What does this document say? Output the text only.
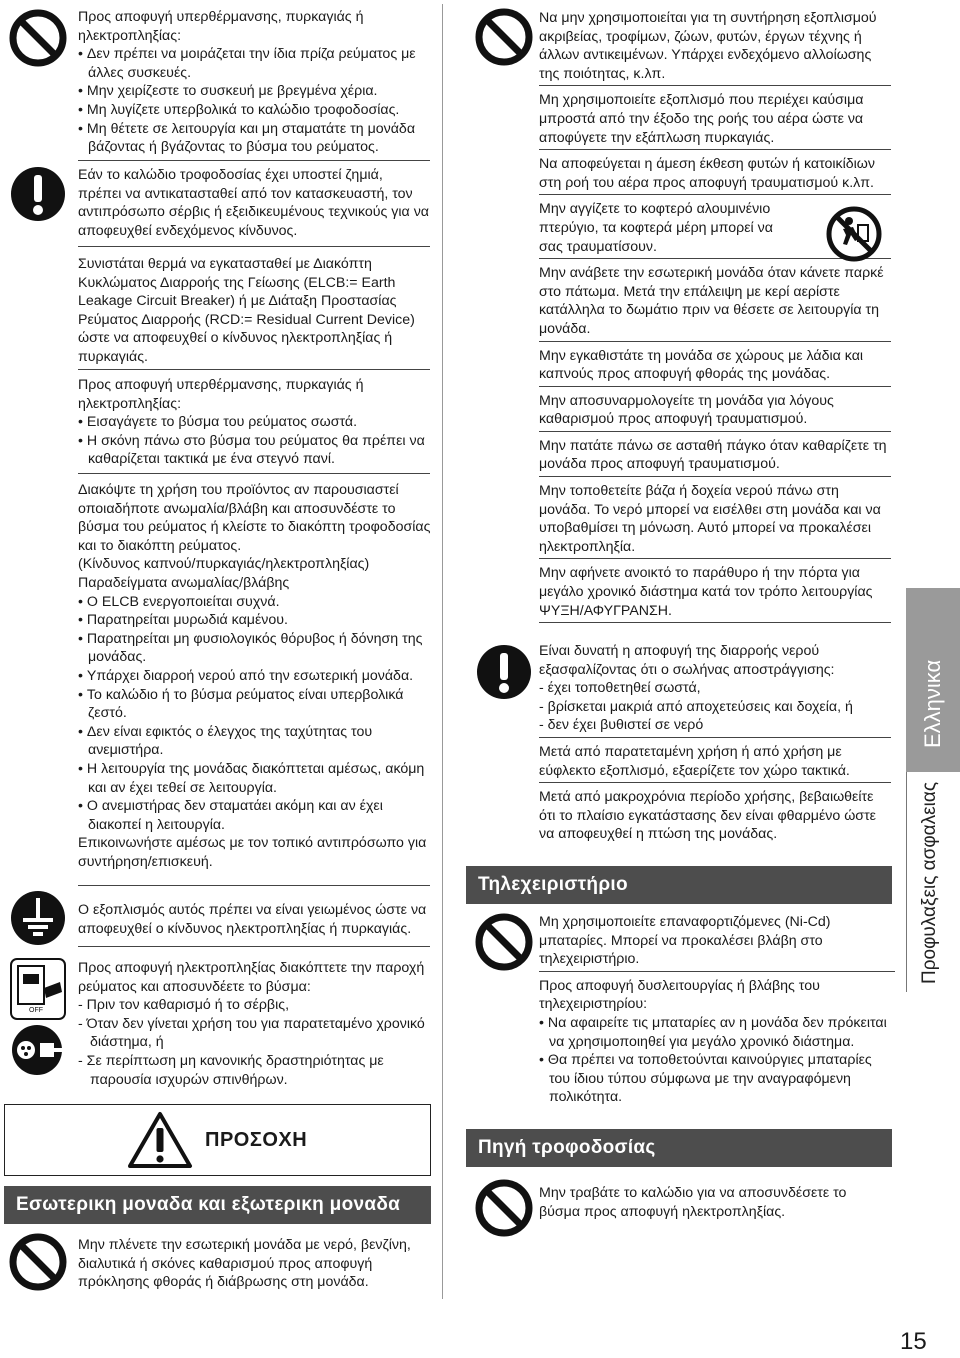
Προς αποφυγή υπερθέρμανσης, πυρκαγιάς ή ηλεκτροπληξίας:
• Δεν πρέπει να μοιράζεται την ίδια πρίζα ρεύματος με άλλες συσκευές.
• Μην χειρίζεστε το συσκευή με βρεγμένα χέρια.
• Μη λυγίζετε υπερβολικά το καλώδιο τροφοδοσίας.
• Μη θέτετε σε λειτουργία και μη σταματάτε τη μονάδα βάζοντας ή βγάζοντας το βύσμα του ρεύματος.
Εάν το καλώδιο τροφοδοσίας έχει υποστεί ζημιά, πρέπει να αντικατασταθεί από τον κατασκευαστή, τον αντιπρόσωπο σέρβις ή εξειδικευμένους τεχνικούς για να αποφευχθεί ενδεχόμενος κίνδυνος.
Συνιστάται θερμά να εγκατασταθεί με Διακόπτη Κυκλώματος Διαρροής της Γείωσης (ELCB:= Earth Leakage Circuit Breaker) ή με Διάταξη Προστασίας Ρεύματος Διαρροής (RCD:= Residual Current Device) ώστε να αποφευχθεί ο κίνδυνος ηλεκτροπληξίας ή πυρκαγιάς.
Προς αποφυγή υπερθέρμανσης, πυρκαγιάς ή ηλεκτροπληξίας:
• Εισαγάγετε το βύσμα του ρεύματος σωστά.
• Η σκόνη πάνω στο βύσμα του ρεύματος θα πρέπει να καθαρίζεται τακτικά με ένα στεγνό πανί.
Διακόψτε τη χρήση του προϊόντος αν παρουσιαστεί οποιαδήποτε ανωμαλία/βλάβη και αποσυνδέστε το βύσμα του ρεύματος ή κλείστε το διακόπτη τροφοδοσίας και το διακόπτη ρεύματος.
(Κίνδυνος καπνού/πυρκαγιάς/ηλεκτροπληξίας)
Παραδείγματα ανωμαλίας/βλάβης
• Ο ELCB ενεργοποιείται συχνά.
• Παρατηρείται μυρωδιά καμένου.
• Παρατηρείται μη φυσιολογικός θόρυβος ή δόνηση της μονάδας.
• Υπάρχει διαρροή νερού από την εσωτερική μονάδα.
• Το καλώδιο ή το βύσμα ρεύματος είναι υπερβολικά ζεστό.
• Δεν είναι εφικτός ο έλεγχος της ταχύτητας του ανεμιστήρα.
• Η λειτουργία της μονάδας διακόπτεται αμέσως, ακόμη και αν έχει τεθεί σε λειτουργία.
• Ο ανεμιστήρας δεν σταματάει ακόμη και αν έχει διακοπεί η λειτουργία.
Επικοινωνήστε αμέσως με τον τοπικό αντιπρόσωπο για συντήρηση/επισκευή.
Ο εξοπλισμός αυτός πρέπει να είναι γειωμένος ώστε να αποφευχθεί ο κίνδυνος ηλεκτροπληξίας ή πυρκαγιάς.
OFF
Προς αποφυγή ηλεκτροπληξίας διακόπτετε την παροχή ρεύματος και αποσυνδέετε το βύσμα:
- Πριν τον καθαρισμό ή το σέρβις,
- Όταν δεν γίνεται χρήση του για παρατεταμένο χρονικό διάστημα, ή
- Σε περίπτωση μη κανονικής δραστηριότητας με παρουσία ισχυρών σπινθήρων.
ΠΡΟΣΟΧΗ
Εσωτερικη μοναδα και εξωτερικη μοναδα
Μην πλένετε την εσωτερική μονάδα με νερό, βενζίνη, διαλυτικά ή σκόνες καθαρισμού προς αποφυγή πρόκλησης φθοράς ή διάβρωσης στη μονάδα.
Να μην χρησιμοποιείται για τη συντήρηση εξοπλισμού ακριβείας, τροφίμων, ζώων, φυτών, έργων τέχνης ή άλλων αντικειμένων. Υπάρχει ενδεχόμενο αλλοίωσης της ποιότητας, κ.λπ.
Μη χρησιμοποιείτε εξοπλισμό που περιέχει καύσιμα μπροστά από την έξοδο της ροής του αέρα ώστε να αποφύγετε την εξάπλωση πυρκαγιάς.
Να αποφεύγεται η άμεση έκθεση φυτών ή κατοικίδιων στη ροή του αέρα προς αποφυγή τραυματισμού κ.λπ.
Μην αγγίζετε το κοφτερό αλουμινένιο πτερύγιο, τα κοφτερά μέρη μπορεί να σας τραυματίσουν.
Μην ανάβετε την εσωτερική μονάδα όταν κάνετε παρκέ στο πάτωμα. Μετά την επάλειψη με κερί αερίστε κατάλληλα το δωμάτιο πριν να θέσετε σε λειτουργία τη μονάδα.
Μην εγκαθιστάτε τη μονάδα σε χώρους με λάδια και καπνούς προς αποφυγή φθοράς της μονάδας.
Μην αποσυναρμολογείτε τη μονάδα για λόγους καθαρισμού προς αποφυγή τραυματισμού.
Μην πατάτε πάνω σε ασταθή πάγκο όταν καθαρίζετε τη μονάδα προς αποφυγή τραυματισμού.
Μην τοποθετείτε βάζα ή δοχεία νερού πάνω στη μονάδα. Το νερό μπορεί να εισέλθει στη μονάδα και να υποβαθμίσει τη μόνωση. Αυτό μπορεί να προκαλέσει ηλεκτροπληξία.
Μην αφήνετε ανοικτό το παράθυρο ή την πόρτα για μεγάλο χρονικό διάστημα κατά τον τρόπο λειτουργίας ΨΥΞΗ/ΑΦΥΓΡΑΝΣΗ.
Είναι δυνατή η αποφυγή της διαρροής νερού εξασφαλίζοντας ότι ο σωλήνας αποστράγγισης:
- έχει τοποθετηθεί σωστά,
- βρίσκεται μακριά από αποχετεύσεις και δοχεία, ή
- δεν έχει βυθιστεί σε νερό
Μετά από παρατεταμένη χρήση ή από χρήση με εύφλεκτο εξοπλισμό, εξαερίζετε τον χώρο τακτικά.
Μετά από μακροχρόνια περίοδο χρήσης, βεβαιωθείτε ότι το πλαίσιο εγκατάστασης δεν είναι φθαρμένο ώστε να αποφευχθεί η πτώση της μονάδας.
Τηλεχειριστήριο
Μη χρησιμοποιείτε επαναφορτιζόμενες (Ni-Cd) μπαταρίες. Μπορεί να προκαλέσει βλάβη στο τηλεχειριστήριο.
Προς αποφυγή δυσλειτουργίας ή βλάβης του τηλεχειριστηρίου:
• Να αφαιρείτε τις μπαταρίες αν η μονάδα δεν πρόκειται να χρησιμοποιηθεί για μεγάλο χρονικό διάστημα.
• Θα πρέπει να τοποθετούνται καινούργιες μπαταρίες του ίδιου τύπου σύμφωνα με την αναγραφόμενη πολικότητα.
Πηγή τροφοδοσίας
Μην τραβάτε το καλώδιο για να αποσυνδέσετε το βύσμα προς αποφυγή ηλεκτροπληξίας.
Ελληνικα
Προφυλαξεις ασφαλειας
15
